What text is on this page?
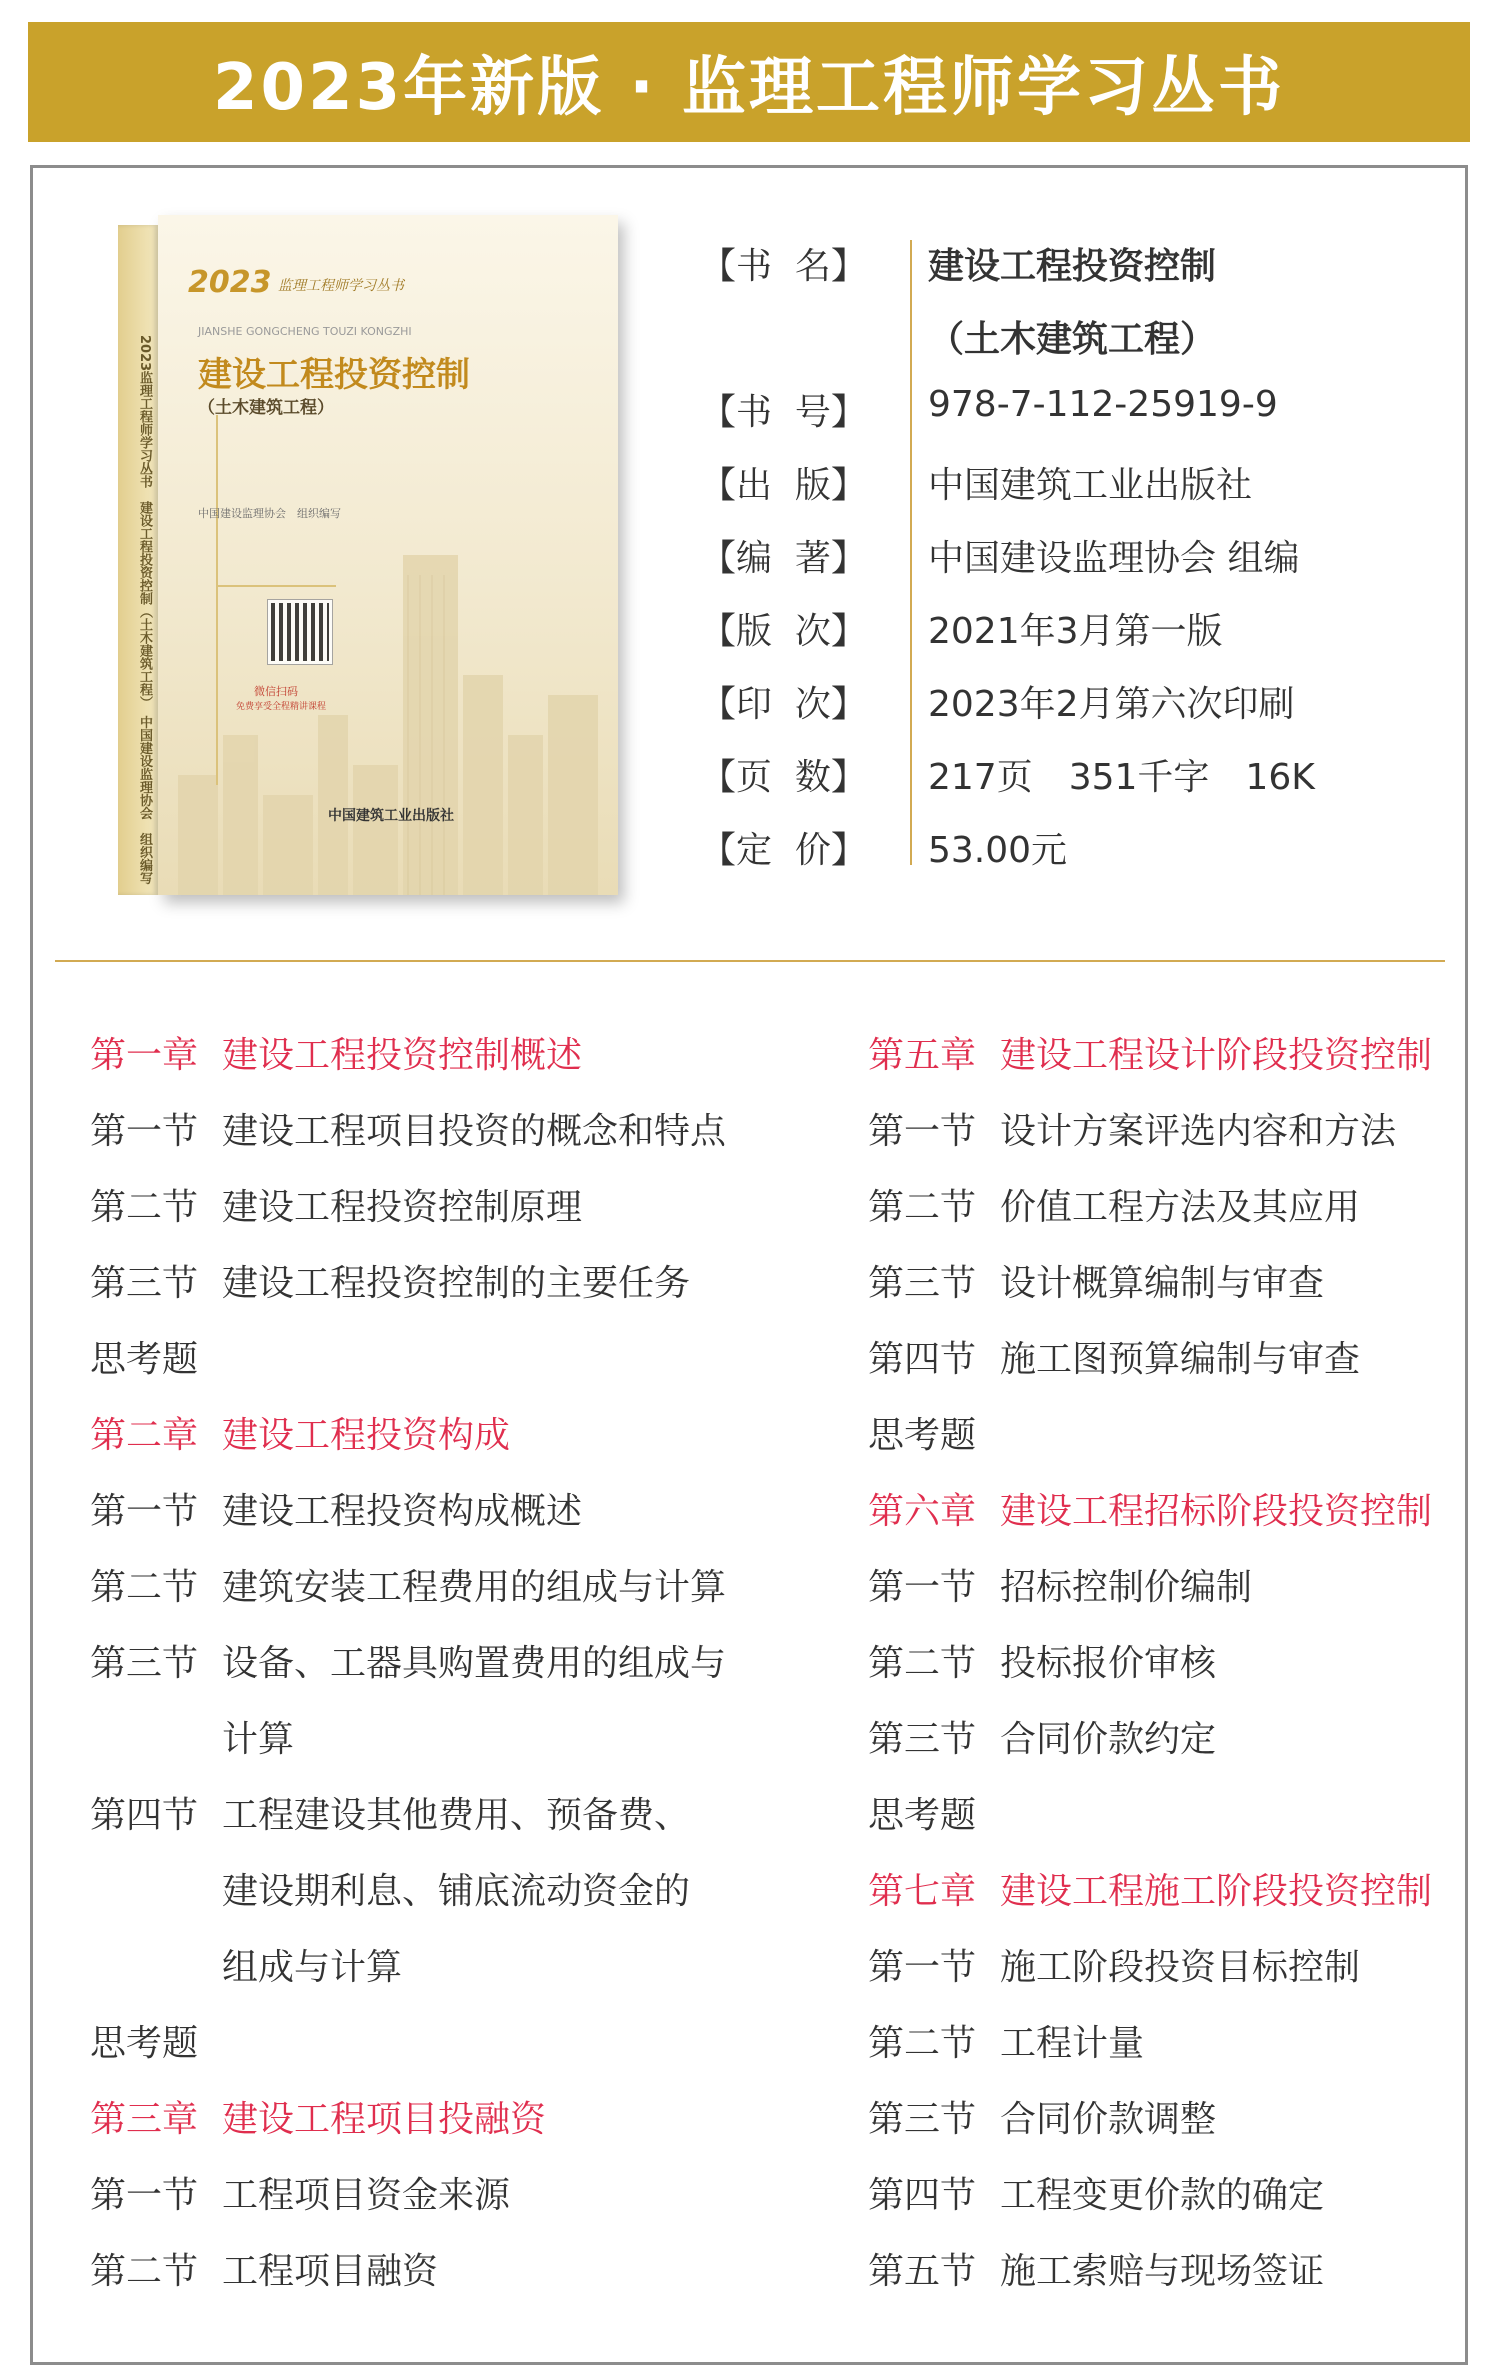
2023年新版 · 监理工程师学习丛书
2023监理工程师学习丛书　建设工程投资控制（土木建筑工程）　中国建设监理协会　组织编写
2023 监理工程师学习丛书
JIANSHE GONGCHENG TOUZI KONGZHI
建设工程投资控制
（土木建筑工程）
中国建设监理协会　组织编写
微信扫码
免费享受全程精讲课程
中国建筑工业出版社
【书  名】 建设工程投资控制
（土木建筑工程）
【书  号】 978-7-112-25919-9
【出  版】 中国建筑工业出版社
【编  著】 中国建设监理协会 组编
【版  次】 2021年3月第一版
【印  次】 2023年2月第六次印刷
【页  数】 217页　351千字　16K
【定  价】 53.00元
第一章 建设工程投资控制概述
第一节 建设工程项目投资的概念和特点
第二节 建设工程投资控制原理
第三节 建设工程投资控制的主要任务
思考题
第二章 建设工程投资构成
第一节 建设工程投资构成概述
第二节 建筑安装工程费用的组成与计算
第三节 设备、工器具购置费用的组成与
计算
第四节 工程建设其他费用、预备费、
建设期利息、铺底流动资金的
组成与计算
思考题
第三章 建设工程项目投融资
第一节 工程项目资金来源
第二节 工程项目融资
第五章 建设工程设计阶段投资控制
第一节 设计方案评选内容和方法
第二节 价值工程方法及其应用
第三节 设计概算编制与审查
第四节 施工图预算编制与审查
思考题
第六章 建设工程招标阶段投资控制
第一节 招标控制价编制
第二节 投标报价审核
第三节 合同价款约定
思考题
第七章 建设工程施工阶段投资控制
第一节 施工阶段投资目标控制
第二节 工程计量
第三节 合同价款调整
第四节 工程变更价款的确定
第五节 施工索赔与现场签证
